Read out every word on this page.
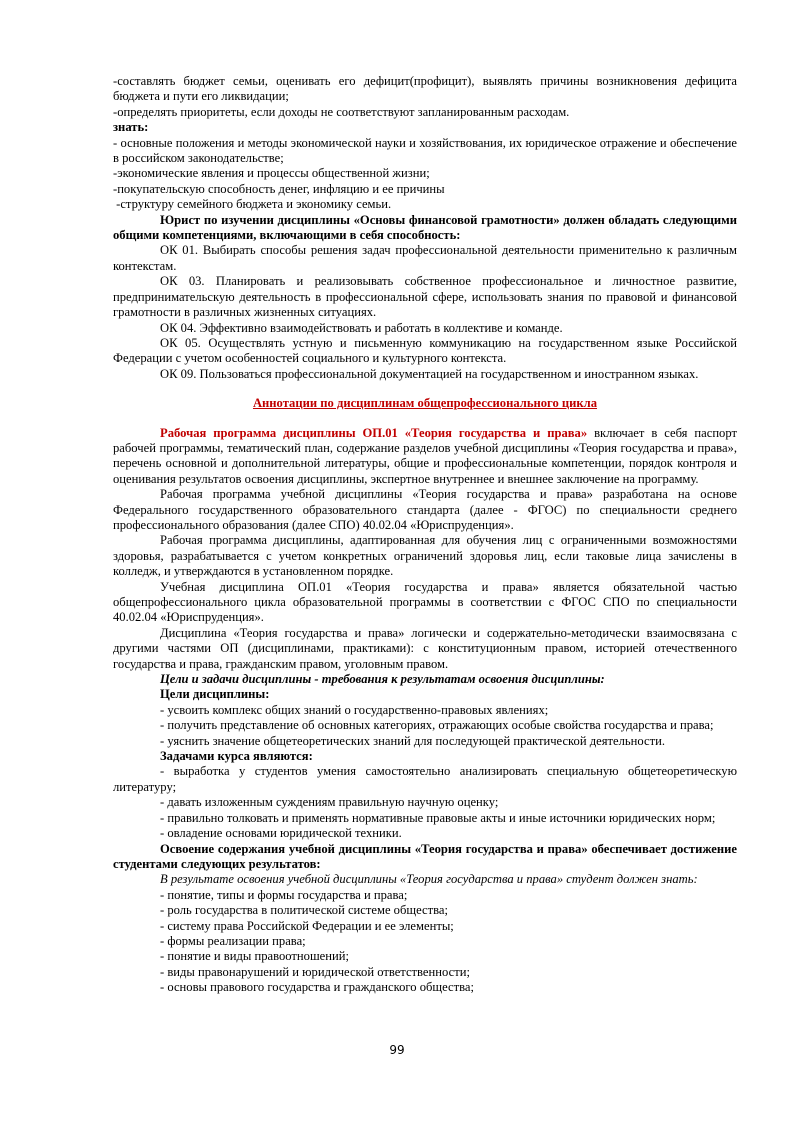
-составлять бюджет семьи, оценивать его дефицит(профицит), выявлять причины возникновения дефицита бюджета и пути его ликвидации;

-определять приоритеты, если доходы не соответствуют запланированным расходам.

знать:

- основные положения и методы экономической науки и хозяйствования, их юридическое отражение и обеспечение в российском законодательстве;

-экономические явления и процессы общественной жизни;

-покупательскую способность денег, инфляцию и ее причины

-структуру семейного бюджета и экономику семьи.

Юрист по изучении дисциплины «Основы финансовой грамотности» должен обладать следующими общими компетенциями, включающими в себя способность:

ОК 01. Выбирать способы решения задач профессиональной деятельности применительно к различным контекстам.

ОК 03. Планировать и реализовывать собственное профессиональное и личностное развитие, предпринимательскую деятельность в профессиональной сфере, использовать знания по правовой и финансовой грамотности в различных жизненных ситуациях.

ОК 04. Эффективно взаимодействовать и работать в коллективе и команде.

ОК 05. Осуществлять устную и письменную коммуникацию на государственном языке Российской Федерации с учетом особенностей социального и культурного контекста.

ОК 09. Пользоваться профессиональной документацией на государственном и иностранном языках.

Аннотации по дисциплинам общепрофессионального цикла

Рабочая программа дисциплины ОП.01 «Теория государства и права» включает в себя паспорт рабочей программы, тематический план, содержание разделов учебной дисциплины «Теория государства и права», перечень основной и дополнительной литературы, общие и профессиональные компетенции, порядок контроля и оценивания результатов освоения дисциплины, экспертное внутреннее и внешнее заключение на программу.

Рабочая программа учебной дисциплины «Теория государства и права» разработана на основе Федерального государственного образовательного стандарта (далее - ФГОС) по специальности среднего профессионального образования (далее СПО) 40.02.04 «Юриспруденция».

Рабочая программа дисциплины, адаптированная для обучения лиц с ограниченными возможностями здоровья, разрабатывается с учетом конкретных ограничений здоровья лиц, если таковые лица зачислены в колледж, и утверждаются в установленном порядке.

Учебная дисциплина ОП.01 «Теория государства и права» является обязательной частью общепрофессионального цикла образовательной программы в соответствии с ФГОС СПО по специальности 40.02.04 «Юриспруденция».

Дисциплина «Теория государства и права» логически и содержательно-методически взаимосвязана с другими частями ОП (дисциплинами, практиками): с конституционным правом, историей отечественного государства и права, гражданским правом, уголовным правом.

Цели и задачи дисциплины - требования к результатам освоения дисциплины:

Цели дисциплины:

- усвоить комплекс общих знаний о государственно-правовых явлениях;

- получить представление об основных категориях, отражающих особые свойства государства и права;

- уяснить значение общетеоретических знаний для последующей практической деятельности.

Задачами курса являются:

- выработка у студентов умения самостоятельно анализировать специальную общетеоретическую литературу;

- давать изложенным суждениям правильную научную оценку;

- правильно толковать и применять нормативные правовые акты и иные источники юридических норм;

- овладение основами юридической техники.

Освоение содержания учебной дисциплины «Теория государства и права» обеспечивает достижение студентами следующих результатов:

В результате освоения учебной дисциплины «Теория государства и права» студент должен знать:

- понятие, типы и формы государства и права;

- роль государства в политической системе общества;

- систему права Российской Федерации и ее элементы;

- формы реализации права;

- понятие и виды правоотношений;

- виды правонарушений и юридической ответственности;

- основы правового государства и гражданского общества;

99
